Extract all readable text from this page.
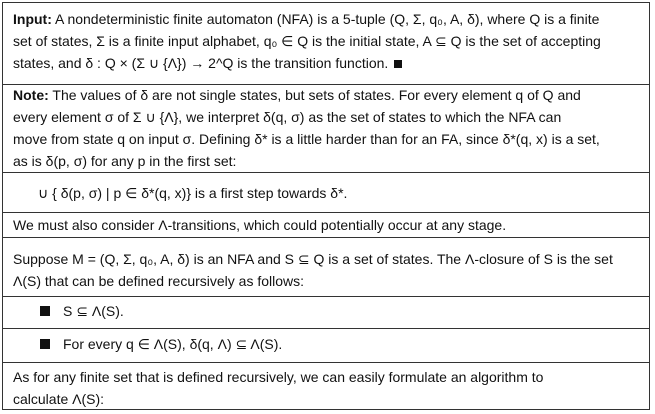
Input: A nondeterministic finite automaton (NFA) is a 5-tuple (Q, Σ, q₀, A, δ), where Q is a finite
set of states, Σ is a finite input alphabet, q₀ ∈ Q is the initial state, A ⊆ Q is the set of accepting
states, and δ : Q × (Σ ∪ {Λ}) → 2^Q is the transition function.
Note: The values of δ are not single states, but sets of states. For every element q of Q and
every element σ of Σ ∪ {Λ}, we interpret δ(q, σ) as the set of states to which the NFA can
move from state q on input σ. Defining δ* is a little harder than for an FA, since δ*(q, x) is a set,
as is δ(p, σ) for any p in the first set:
∪ { δ(p, σ) | p ∈ δ*(q, x)} is a first step towards δ*.
We must also consider Λ-transitions, which could potentially occur at any stage.
Suppose M = (Q, Σ, q₀, A, δ) is an NFA and S ⊆ Q is a set of states. The Λ-closure of S is the set
Λ(S) that can be defined recursively as follows:
S ⊆ Λ(S).
For every q ∈ Λ(S), δ(q, Λ) ⊆ Λ(S).
As for any finite set that is defined recursively, we can easily formulate an algorithm to
calculate Λ(S):
